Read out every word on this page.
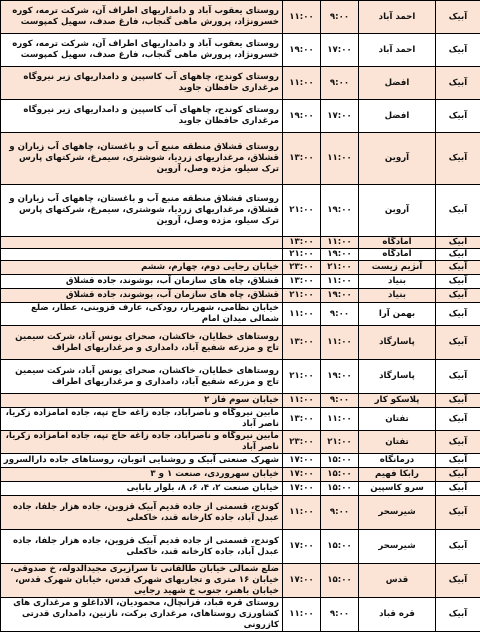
آبیک	احمد آباد	۹:۰۰	۱۱:۰۰	روستای یعقوب آباد و دامداریهای اطراف آن، شرکت ترمه، کوره خسرونژاد، پرورش ماهی گنجاب، فارغ صدف، سهیل کمپوست
آبیک	احمد آباد	۱۷:۰۰	۱۹:۰۰	روستای یعقوب آباد و دامداریهای اطراف آن، شرکت ترمه، کوره خسرونژاد، پرورش ماهی گنجاب، فارغ صدف، سهیل کمپوست
آبیک	افضل	۹:۰۰	۱۱:۰۰	روستای کوندج، چاههای آب کاسپین و دامداریهای زیر نیروگاه مرغداری حافظان جاوید
آبیک	افضل	۱۷:۰۰	۱۹:۰۰	روستای کوندج، چاههای آب کاسپین و دامداریهای زیر نیروگاه مرغداری حافظان جاوید
آبیک	آروین	۱۱:۰۰	۱۳:۰۰	روستای قشلاق منطقه منبع آب و باغستان، چاههای آب زیاران و قشلاق، مرغداریهای زردیا، شوشتری، سیمرغ، شرکتهای پارس ترک سیلو، مژده وصل، آروین
آبیک	آروین	۱۹:۰۰	۲۱:۰۰	روستای قشلاق منطقه منبع آب و باغستان، چاههای آب زیاران و قشلاق، مرغداریهای زردیا، شوشتری، سیمرغ، شرکتهای پارس ترک سیلو، مژده وصل، آروین
آبیک	آمادگاه	۱۱:۰۰	۱۳:۰۰	
آبیک	آمادگاه	۱۹:۰۰	۲۱:۰۰	
آبیک	آنژیم زیست	۲۱:۰۰	۲۳:۰۰	خیابان رجایی دوم، چهارم، ششم
آبیک	بنیاد	۱۱:۰۰	۱۳:۰۰	قشلاق، چاه های سازمان آب، بوشوند، جاده قشلاق
آبیک	بنیاد	۱۹:۰۰	۲۱:۰۰	قشلاق، چاه های سازمان آب، بوشوند، جاده قشلاق
آبیک	بهمن آرا	۹:۰۰	۱۱:۰۰	خیابان نظامی، شهریار، رودکی، عارف قزوینی، عطار، ضلع شمالی میدان امام
آبیک	پاسارگاد	۱۱:۰۰	۱۳:۰۰	روستاهای خطایان، خاکشان، صحرای یونس آباد، شرکت سیمین تاج و مزرعه شفیع آباد، دامداری و مرغداریهای اطراف
آبیک	پاسارگاد	۱۹:۰۰	۲۱:۰۰	روستاهای خطایان، خاکشان، صحرای یونس آباد، شرکت سیمین تاج و مزرعه شفیع آباد، دامداری و مرغداریهای اطراف
آبیک	پلاسکو کار	۹:۰۰	۱۱:۰۰	خیابان سوم فاز ۲
آبیک	تفتان	۱۱:۰۰	۱۳:۰۰	مابین نیروگاه و ناصرآباد، جاده زاغه حاج تپه، جاده امامزاده زکریا، ناصر آباد
آبیک	تفتان	۲۱:۰۰	۲۳:۰۰	مابین نیروگاه و ناصرآباد، جاده زاغه حاج تپه، جاده امامزاده زکریا، ناصر آباد
آبیک	درمانگاه	۱۵:۰۰	۱۷:۰۰	شهرک صنعتی آبیک و روشنایی اتوبان، روستاهای جاده دارالسرور
آبیک	رابکا فهیم	۱۵:۰۰	۱۷:۰۰	خیابان سهروردی، صنعت ۱ و ۳
آبیک	سرو کاسپین	۱۵:۰۰	۱۷:۰۰	خیابان صنعت ۲، ۴، ۶، ۸، بلوار بابایی
آبیک	شیرسحر	۹:۰۰	۱۱:۰۰	کوندج، قسمتی از جاده قدیم آبیک قزوین، جاده هزار جلفا، جاده عبدل آباد، جاده کارخانه قند، خاکعلی
آبیک	شیرسحر	۱۵:۰۰	۱۷:۰۰	کوندج، قسمتی از جاده قدیم آبیک قزوین، جاده هزار جلفا، جاده عبدل آباد، جاده کارخانه قند، خاکعلی
آبیک	قدس	۱۵:۰۰	۱۷:۰۰	ضلع شمالی خیابان طالقانی تا سرازیری مجیدالدوله، خ صدوقی، خیابان ۱۶ متری و تجاریهای شهرک قدس، خیابان شهرک قدس، خیابان باهنر، جنوب خ شهید رجایی
آبیک	قره قباد	۹:۰۰	۱۱:۰۰	روستای قره قباد، قزانچال، محمودیان، آلاداغلو و مرغداری های کشاورزی روستاهای، مرغداری برکت، نازنین، دامداری قدرتی کازرونی
